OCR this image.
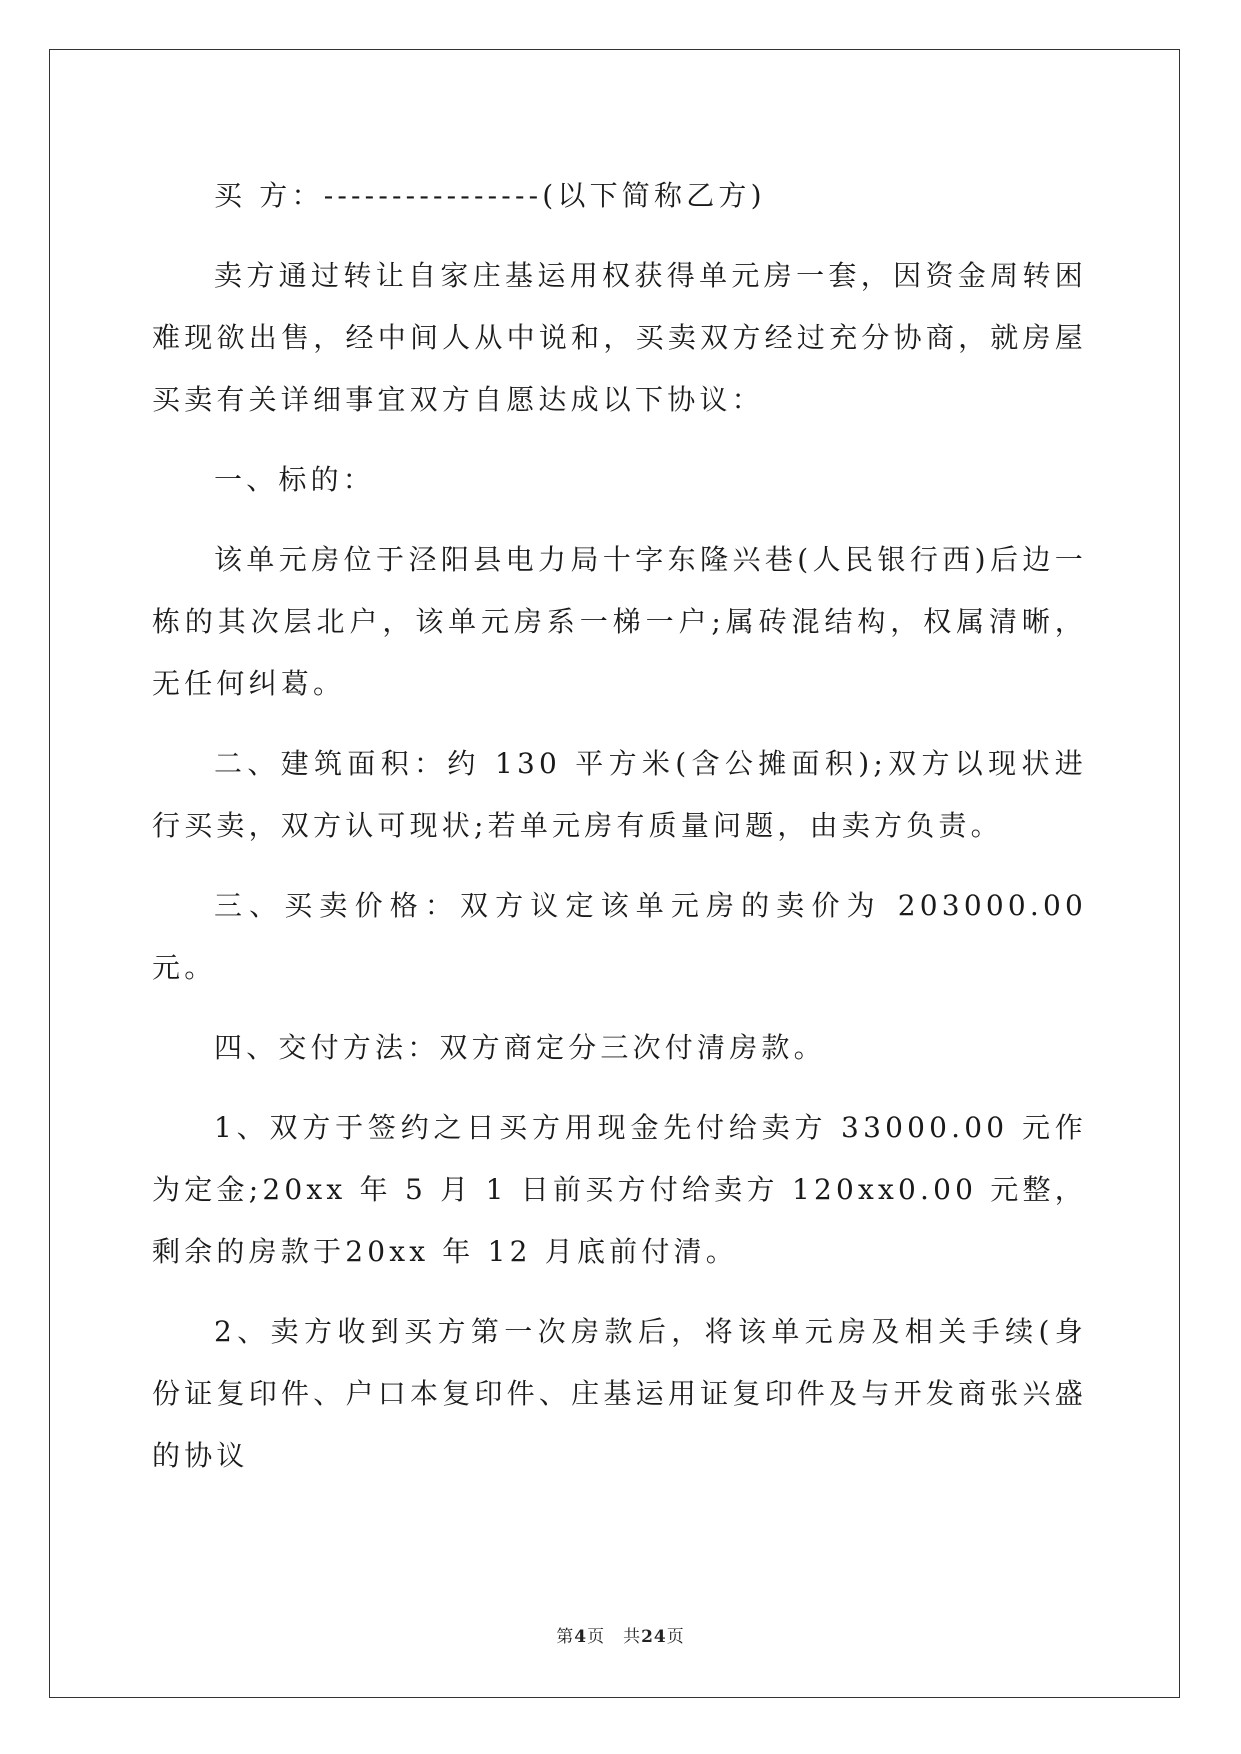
买 方：----------------(以下简称乙方)

卖方通过转让自家庄基运用权获得单元房一套，因资金周转困难现欲出售，经中间人从中说和，买卖双方经过充分协商，就房屋买卖有关详细事宜双方自愿达成以下协议：

一、标的：

该单元房位于泾阳县电力局十字东隆兴巷(人民银行西)后边一栋的其次层北户，该单元房系一梯一户;属砖混结构，权属清晰，无任何纠葛。

二、建筑面积：约 130 平方米(含公摊面积);双方以现状进行买卖，双方认可现状;若单元房有质量问题，由卖方负责。

三、买卖价格：双方议定该单元房的卖价为 203000.00 元。

四、交付方法：双方商定分三次付清房款。

1、双方于签约之日买方用现金先付给卖方 33000.00 元作为定金;20xx 年 5 月 1 日前买方付给卖方 120xx0.00 元整，剩余的房款于20xx 年 12 月底前付清。

2、卖方收到买方第一次房款后，将该单元房及相关手续(身份证复印件、户口本复印件、庄基运用证复印件及与开发商张兴盛的协议

第4页 共24页
